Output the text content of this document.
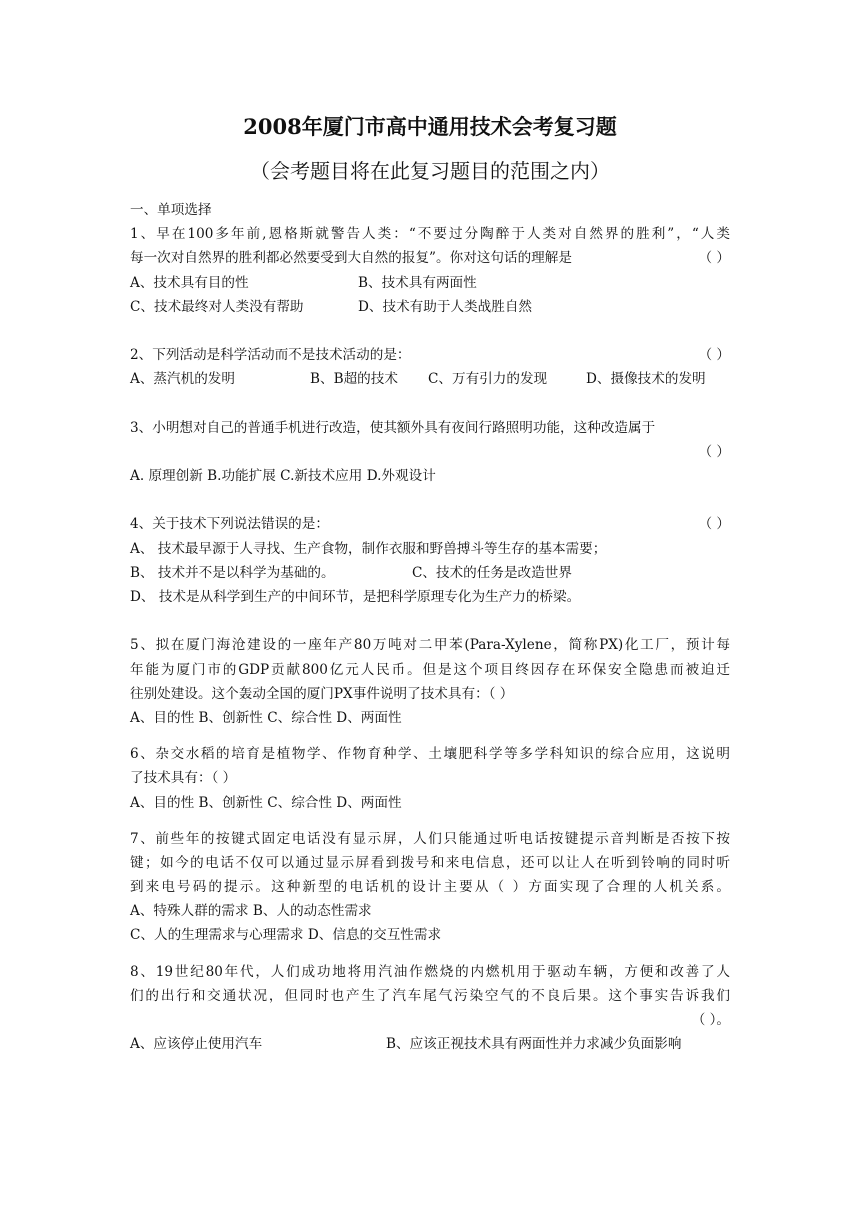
2008年厦门市高中通用技术会考复习题
（会考题目将在此复习题目的范围之内）
一、单项选择
1、早在100多年前,恩格斯就警告人类：“不要过分陶醉于人类对自然界的胜利”，“人类
每一次对自然界的胜利都必然要受到大自然的报复”。你对这句话的理解是	（ ）
A、技术具有目的性	B、技术具有两面性
C、技术最终对人类没有帮助	D、技术有助于人类战胜自然
2、下列活动是科学活动而不是技术活动的是：	（ ）
A、蒸汽机的发明	B、B超的技术 C、万有引力的发现	D、摄像技术的发明
3、小明想对自己的普通手机进行改造，使其额外具有夜间行路照明功能，这种改造属于
（ ）
A. 原理创新 B.功能扩展 C.新技术应用 D.外观设计
4、关于技术下列说法错误的是：	（ ）
A、 技术最早源于人寻找、生产食物，制作衣服和野兽搏斗等生存的基本需要；
B、 技术并不是以科学为基础的。	C、技术的任务是改造世界
D、 技术是从科学到生产的中间环节，是把科学原理专化为生产力的桥梁。
5、拟在厦门海沧建设的一座年产80万吨对二甲苯(Para-Xylene，简称PX)化工厂，预计每
年能为厦门市的GDP贡献800亿元人民币。但是这个项目终因存在环保安全隐患而被迫迁
往别处建设。这个轰动全国的厦门PX事件说明了技术具有：（ ）
A、目的性 B、创新性 C、综合性 D、两面性
6、杂交水稻的培育是植物学、作物育种学、土壤肥科学等多学科知识的综合应用，这说明
了技术具有：（ ）
A、目的性 B、创新性 C、综合性 D、两面性
7、前些年的按键式固定电话没有显示屏，人们只能通过听电话按键提示音判断是否按下按
键；如今的电话不仅可以通过显示屏看到拨号和来电信息，还可以让人在听到铃响的同时听
到来电号码的提示。这种新型的电话机的设计主要从（ ）方面实现了合理的人机关系。
A、特殊人群的需求 B、人的动态性需求
C、人的生理需求与心理需求 D、信息的交互性需求
8、19世纪80年代，人们成功地将用汽油作燃烧的内燃机用于驱动车辆，方便和改善了人
们的出行和交通状况，但同时也产生了汽车尾气污染空气的不良后果。这个事实告诉我们
（ ）。
A、应该停止使用汽车	B、应该正视技术具有两面性并力求减少负面影响
